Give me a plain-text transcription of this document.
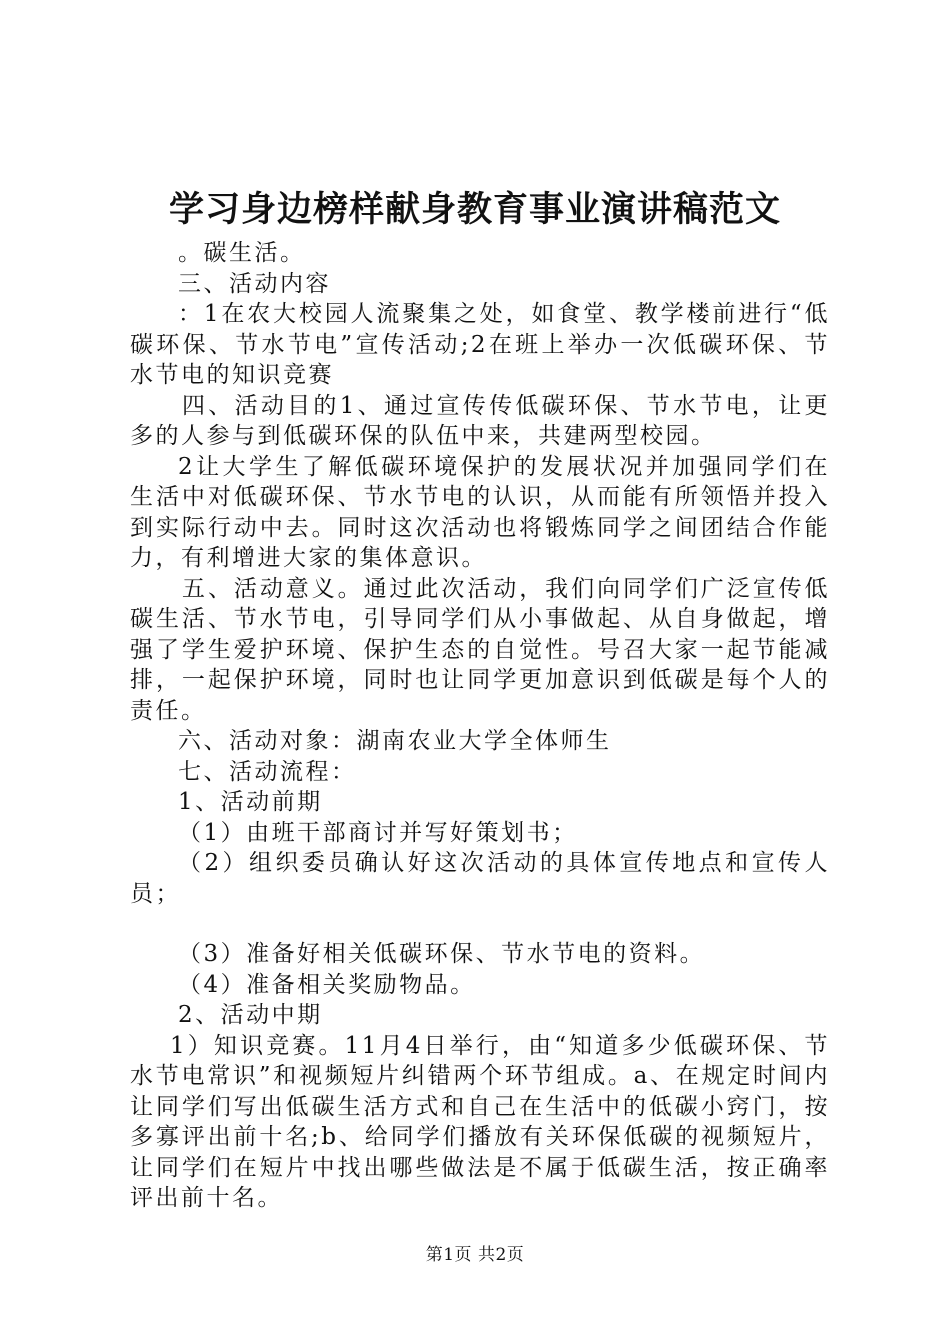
学习身边榜样献身教育事业演讲稿范文

。碳生活。

三、活动内容

：1在农大校园人流聚集之处，如食堂、教学楼前进行“低碳环保、节水节电”宣传活动;2在班上举办一次低碳环保、节水节电的知识竞赛

四、活动目的1、通过宣传传低碳环保、节水节电，让更多的人参与到低碳环保的队伍中来，共建两型校园。

2让大学生了解低碳环境保护的发展状况并加强同学们在生活中对低碳环保、节水节电的认识，从而能有所领悟并投入到实际行动中去。同时这次活动也将锻炼同学之间团结合作能力，有利增进大家的集体意识。

五、活动意义。通过此次活动，我们向同学们广泛宣传低碳生活、节水节电，引导同学们从小事做起、从自身做起，增强了学生爱护环境、保护生态的自觉性。号召大家一起节能减排，一起保护环境，同时也让同学更加意识到低碳是每个人的责任。

六、活动对象：湖南农业大学全体师生

七、活动流程：

1、活动前期

（1）由班干部商讨并写好策划书；

（2）组织委员确认好这次活动的具体宣传地点和宣传人员；

（3）准备好相关低碳环保、节水节电的资料。

（4）准备相关奖励物品。

2、活动中期

1）知识竞赛。11月4日举行，由“知道多少低碳环保、节水节电常识”和视频短片纠错两个环节组成。a、在规定时间内让同学们写出低碳生活方式和自己在生活中的低碳小窍门，按多寡评出前十名;b、给同学们播放有关环保低碳的视频短片，让同学们在短片中找出哪些做法是不属于低碳生活，按正确率评出前十名。

第1页 共2页
